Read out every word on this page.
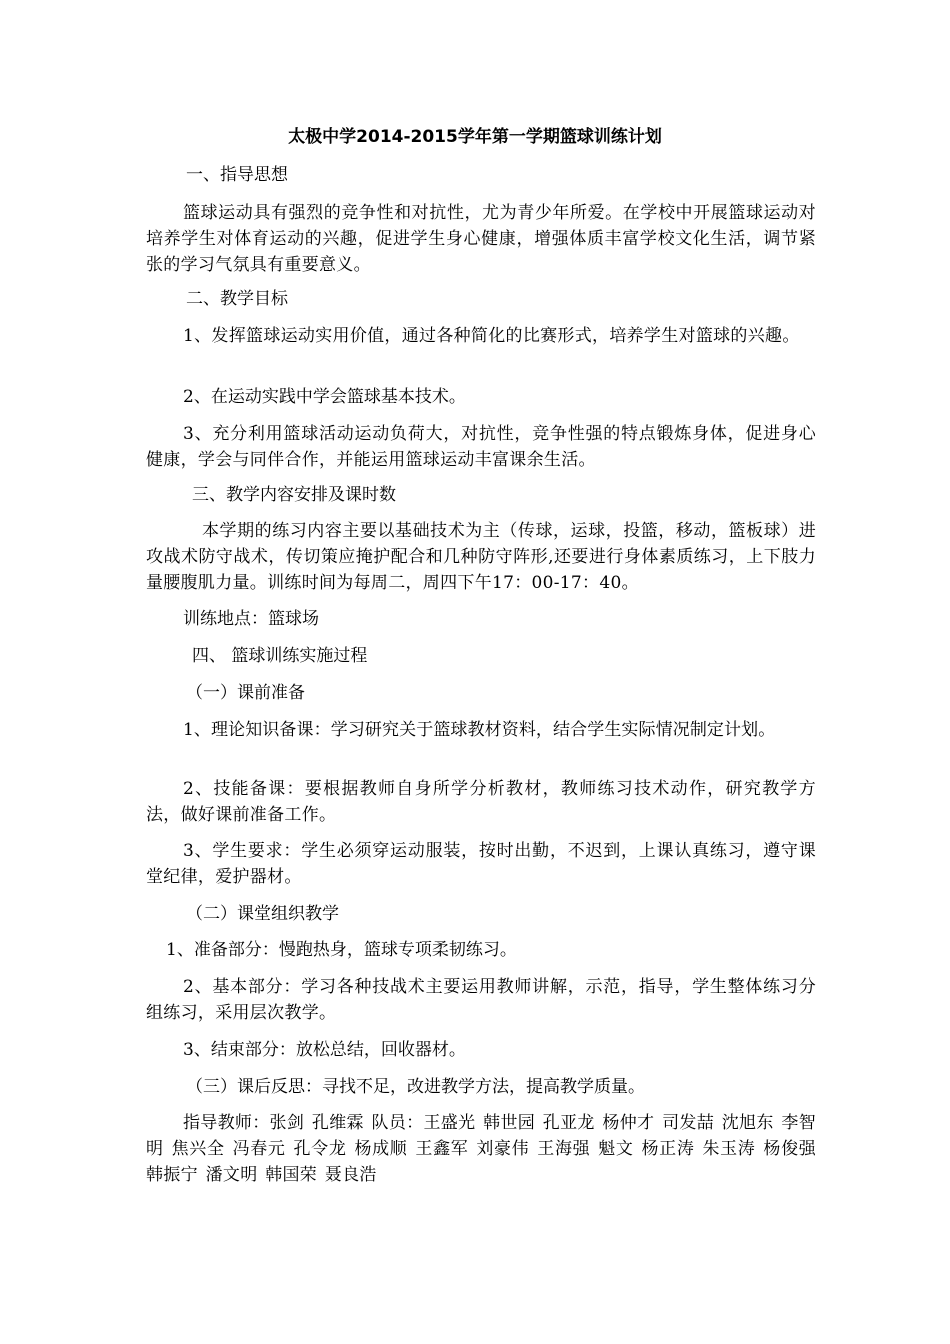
太极中学2014-2015学年第一学期篮球训练计划
一、指导思想
篮球运动具有强烈的竞争性和对抗性，尤为青少年所爱。在学校中开展篮球运动对培养学生对体育运动的兴趣，促进学生身心健康，增强体质丰富学校文化生活，调节紧张的学习气氛具有重要意义。
二、教学目标
1、发挥篮球运动实用价值，通过各种简化的比赛形式，培养学生对篮球的兴趣。
2、在运动实践中学会篮球基本技术。
3、充分利用篮球活动运动负荷大，对抗性，竞争性强的特点锻炼身体，促进身心健康，学会与同伴合作，并能运用篮球运动丰富课余生活。
三、教学内容安排及课时数
本学期的练习内容主要以基础技术为主（传球，运球，投篮，移动，篮板球）进攻战术防守战术，传切策应掩护配合和几种防守阵形,还要进行身体素质练习，上下肢力量腰腹肌力量。训练时间为每周二，周四下午17：00-17：40。
训练地点：篮球场
四、 篮球训练实施过程
（一）课前准备
1、理论知识备课：学习研究关于篮球教材资料，结合学生实际情况制定计划。
2、技能备课：要根据教师自身所学分析教材，教师练习技术动作，研究教学方法，做好课前准备工作。
3、学生要求：学生必须穿运动服装，按时出勤，不迟到，上课认真练习，遵守课堂纪律，爱护器材。
（二）课堂组织教学
1、准备部分：慢跑热身，篮球专项柔韧练习。
2、基本部分：学习各种技战术主要运用教师讲解，示范，指导，学生整体练习分组练习，采用层次教学。
3、结束部分：放松总结，回收器材。
（三）课后反思：寻找不足，改进教学方法，提高教学质量。
指导教师：张剑 孔维霖 队员：王盛光 韩世园 孔亚龙 杨仲才 司发喆 沈旭东 李智明 焦兴全 冯春元 孔令龙 杨成顺 王鑫军 刘豪伟 王海强 魁文 杨正涛 朱玉涛 杨俊强 韩振宁 潘文明 韩国荣 聂良浩
